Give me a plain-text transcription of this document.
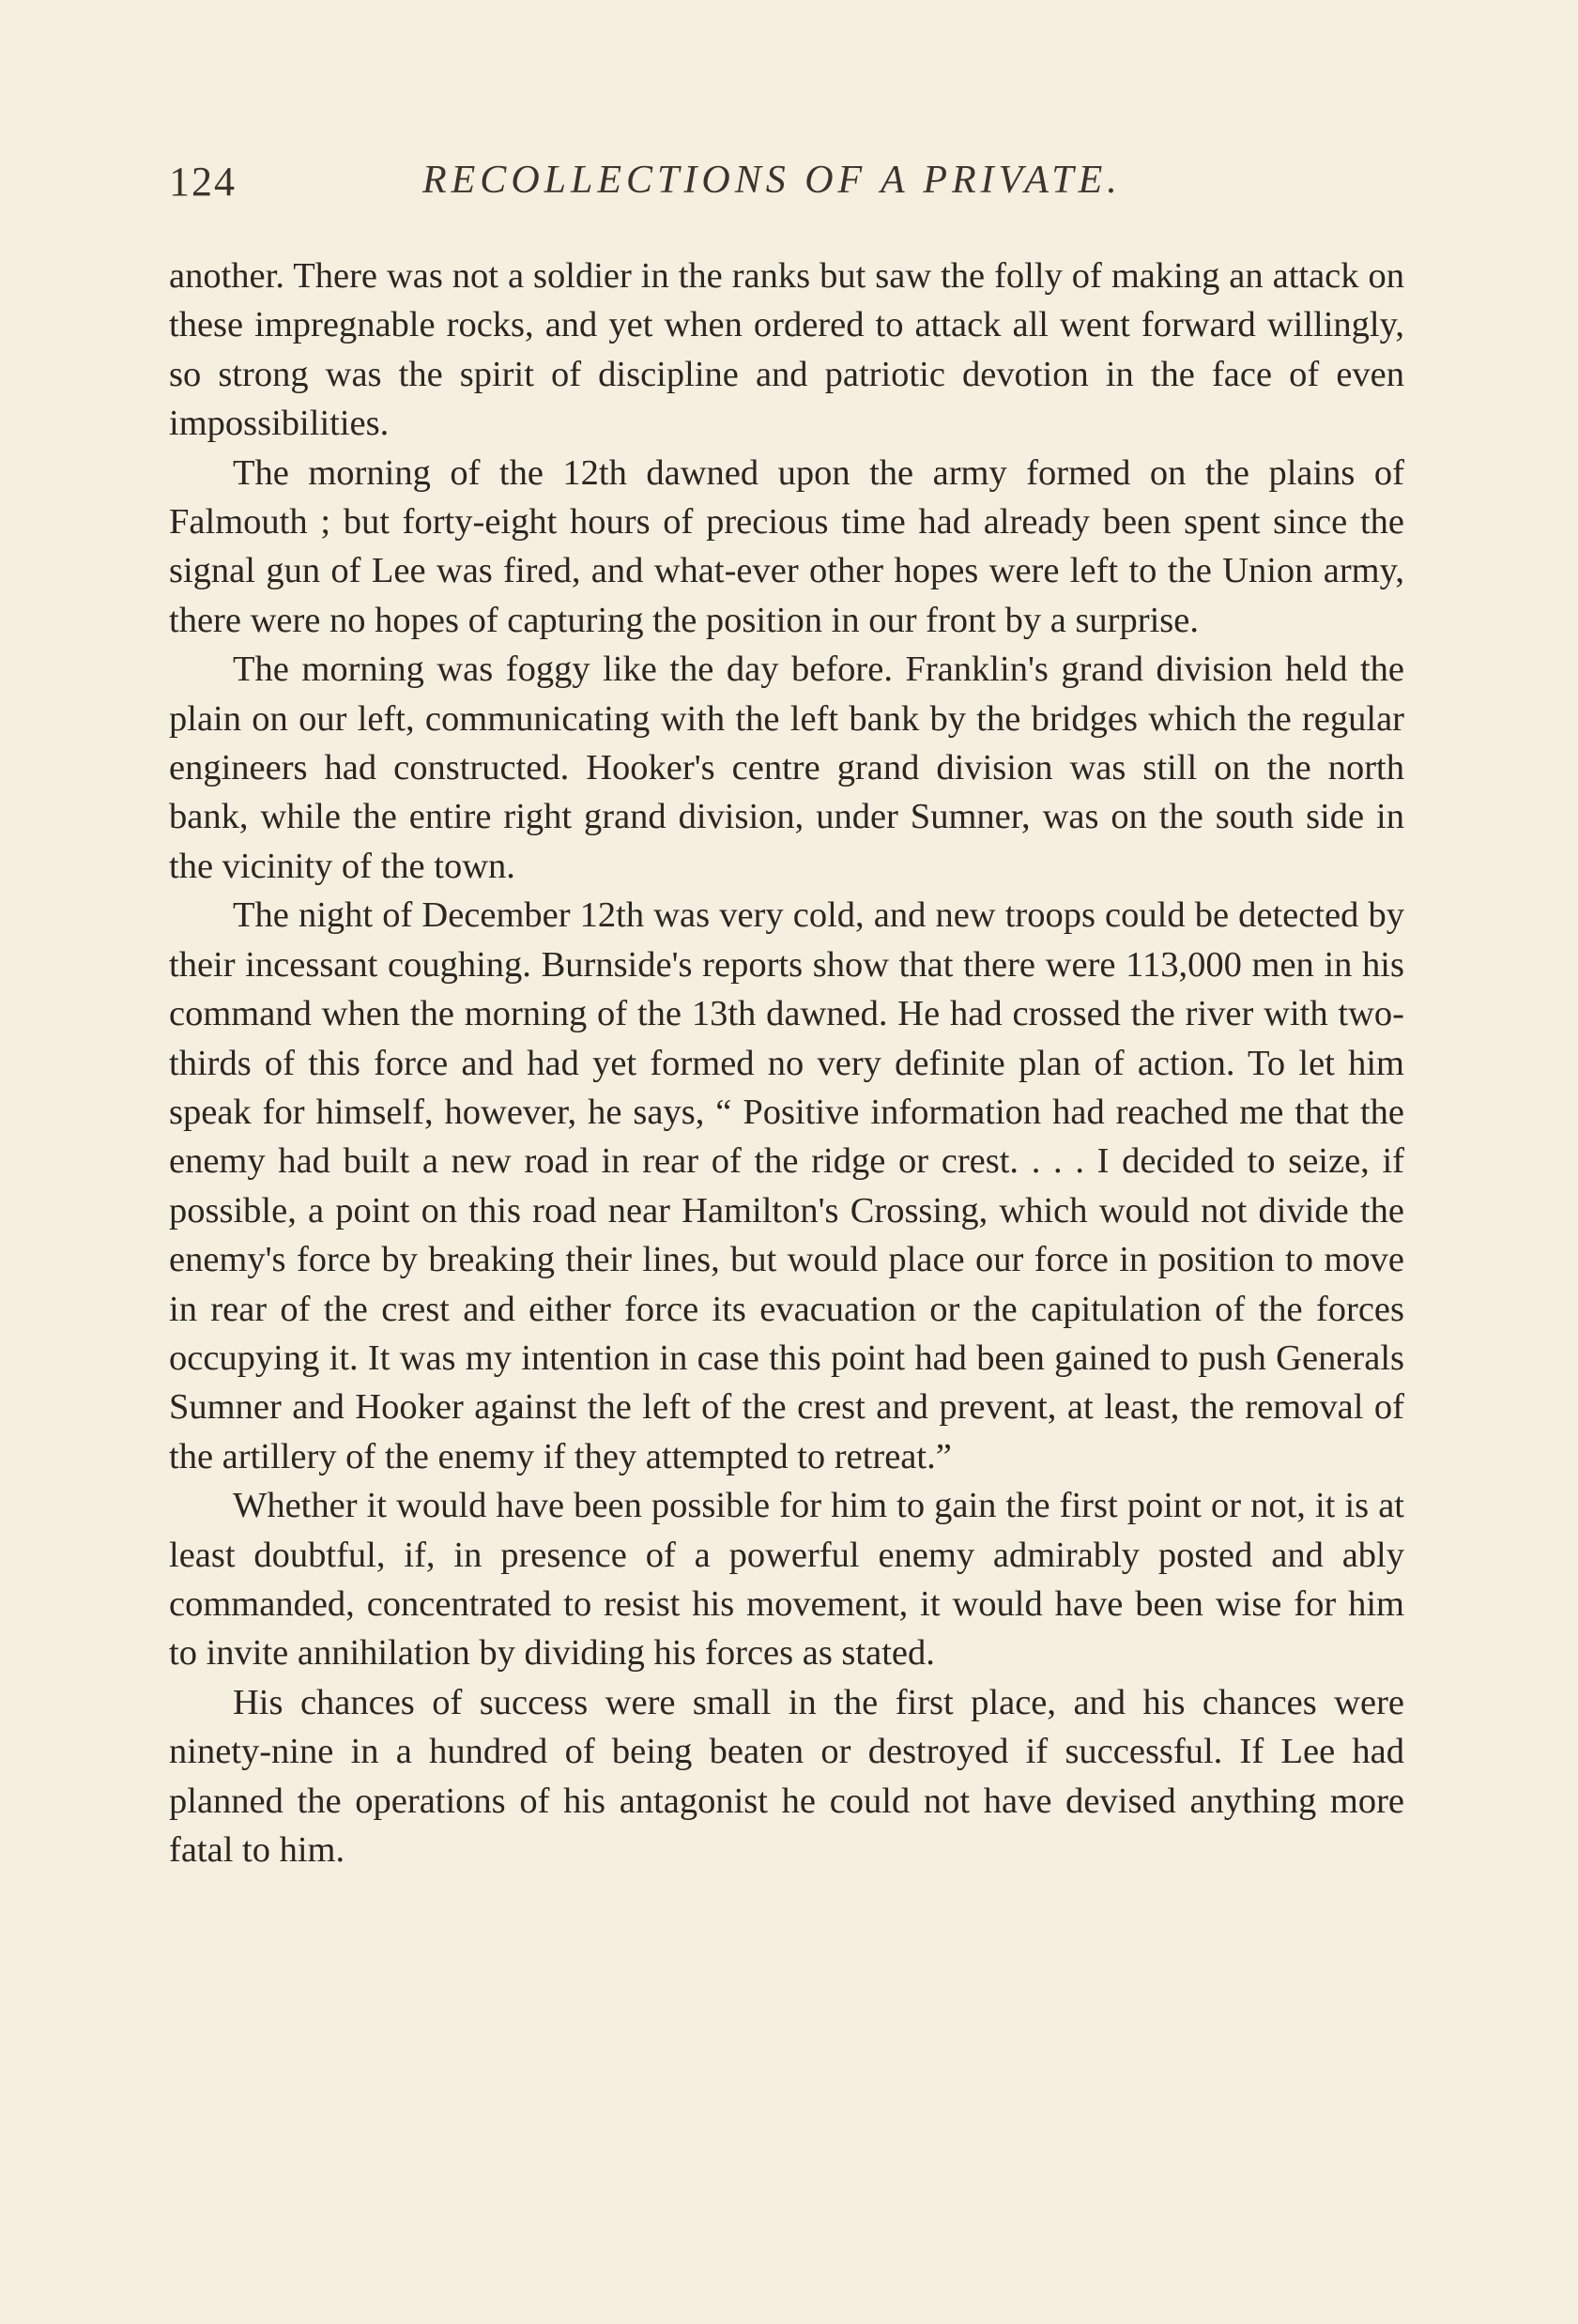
124	RECOLLECTIONS OF A PRIVATE.

another. There was not a soldier in the ranks but saw the folly of making an attack on these impregnable rocks, and yet when ordered to attack all went forward willingly, so strong was the spirit of discipline and patriotic devotion in the face of even impossibilities.

The morning of the 12th dawned upon the army formed on the plains of Falmouth ; but forty-eight hours of precious time had already been spent since the signal gun of Lee was fired, and what-ever other hopes were left to the Union army, there were no hopes of capturing the position in our front by a surprise.

The morning was foggy like the day before. Franklin's grand division held the plain on our left, communicating with the left bank by the bridges which the regular engineers had constructed. Hooker's centre grand division was still on the north bank, while the entire right grand division, under Sumner, was on the south side in the vicinity of the town.

The night of December 12th was very cold, and new troops could be detected by their incessant coughing. Burnside's reports show that there were 113,000 men in his command when the morning of the 13th dawned. He had crossed the river with two-thirds of this force and had yet formed no very definite plan of action. To let him speak for himself, however, he says, “ Positive information had reached me that the enemy had built a new road in rear of the ridge or crest. . . . I decided to seize, if possible, a point on this road near Hamilton's Crossing, which would not divide the enemy's force by breaking their lines, but would place our force in position to move in rear of the crest and either force its evacuation or the capitulation of the forces occupying it. It was my intention in case this point had been gained to push Generals Sumner and Hooker against the left of the crest and prevent, at least, the removal of the artillery of the enemy if they attempted to retreat.”

Whether it would have been possible for him to gain the first point or not, it is at least doubtful, if, in presence of a powerful enemy admirably posted and ably commanded, concentrated to resist his movement, it would have been wise for him to invite annihilation by dividing his forces as stated.

His chances of success were small in the first place, and his chances were ninety-nine in a hundred of being beaten or destroyed if successful. If Lee had planned the operations of his antagonist he could not have devised anything more fatal to him.
